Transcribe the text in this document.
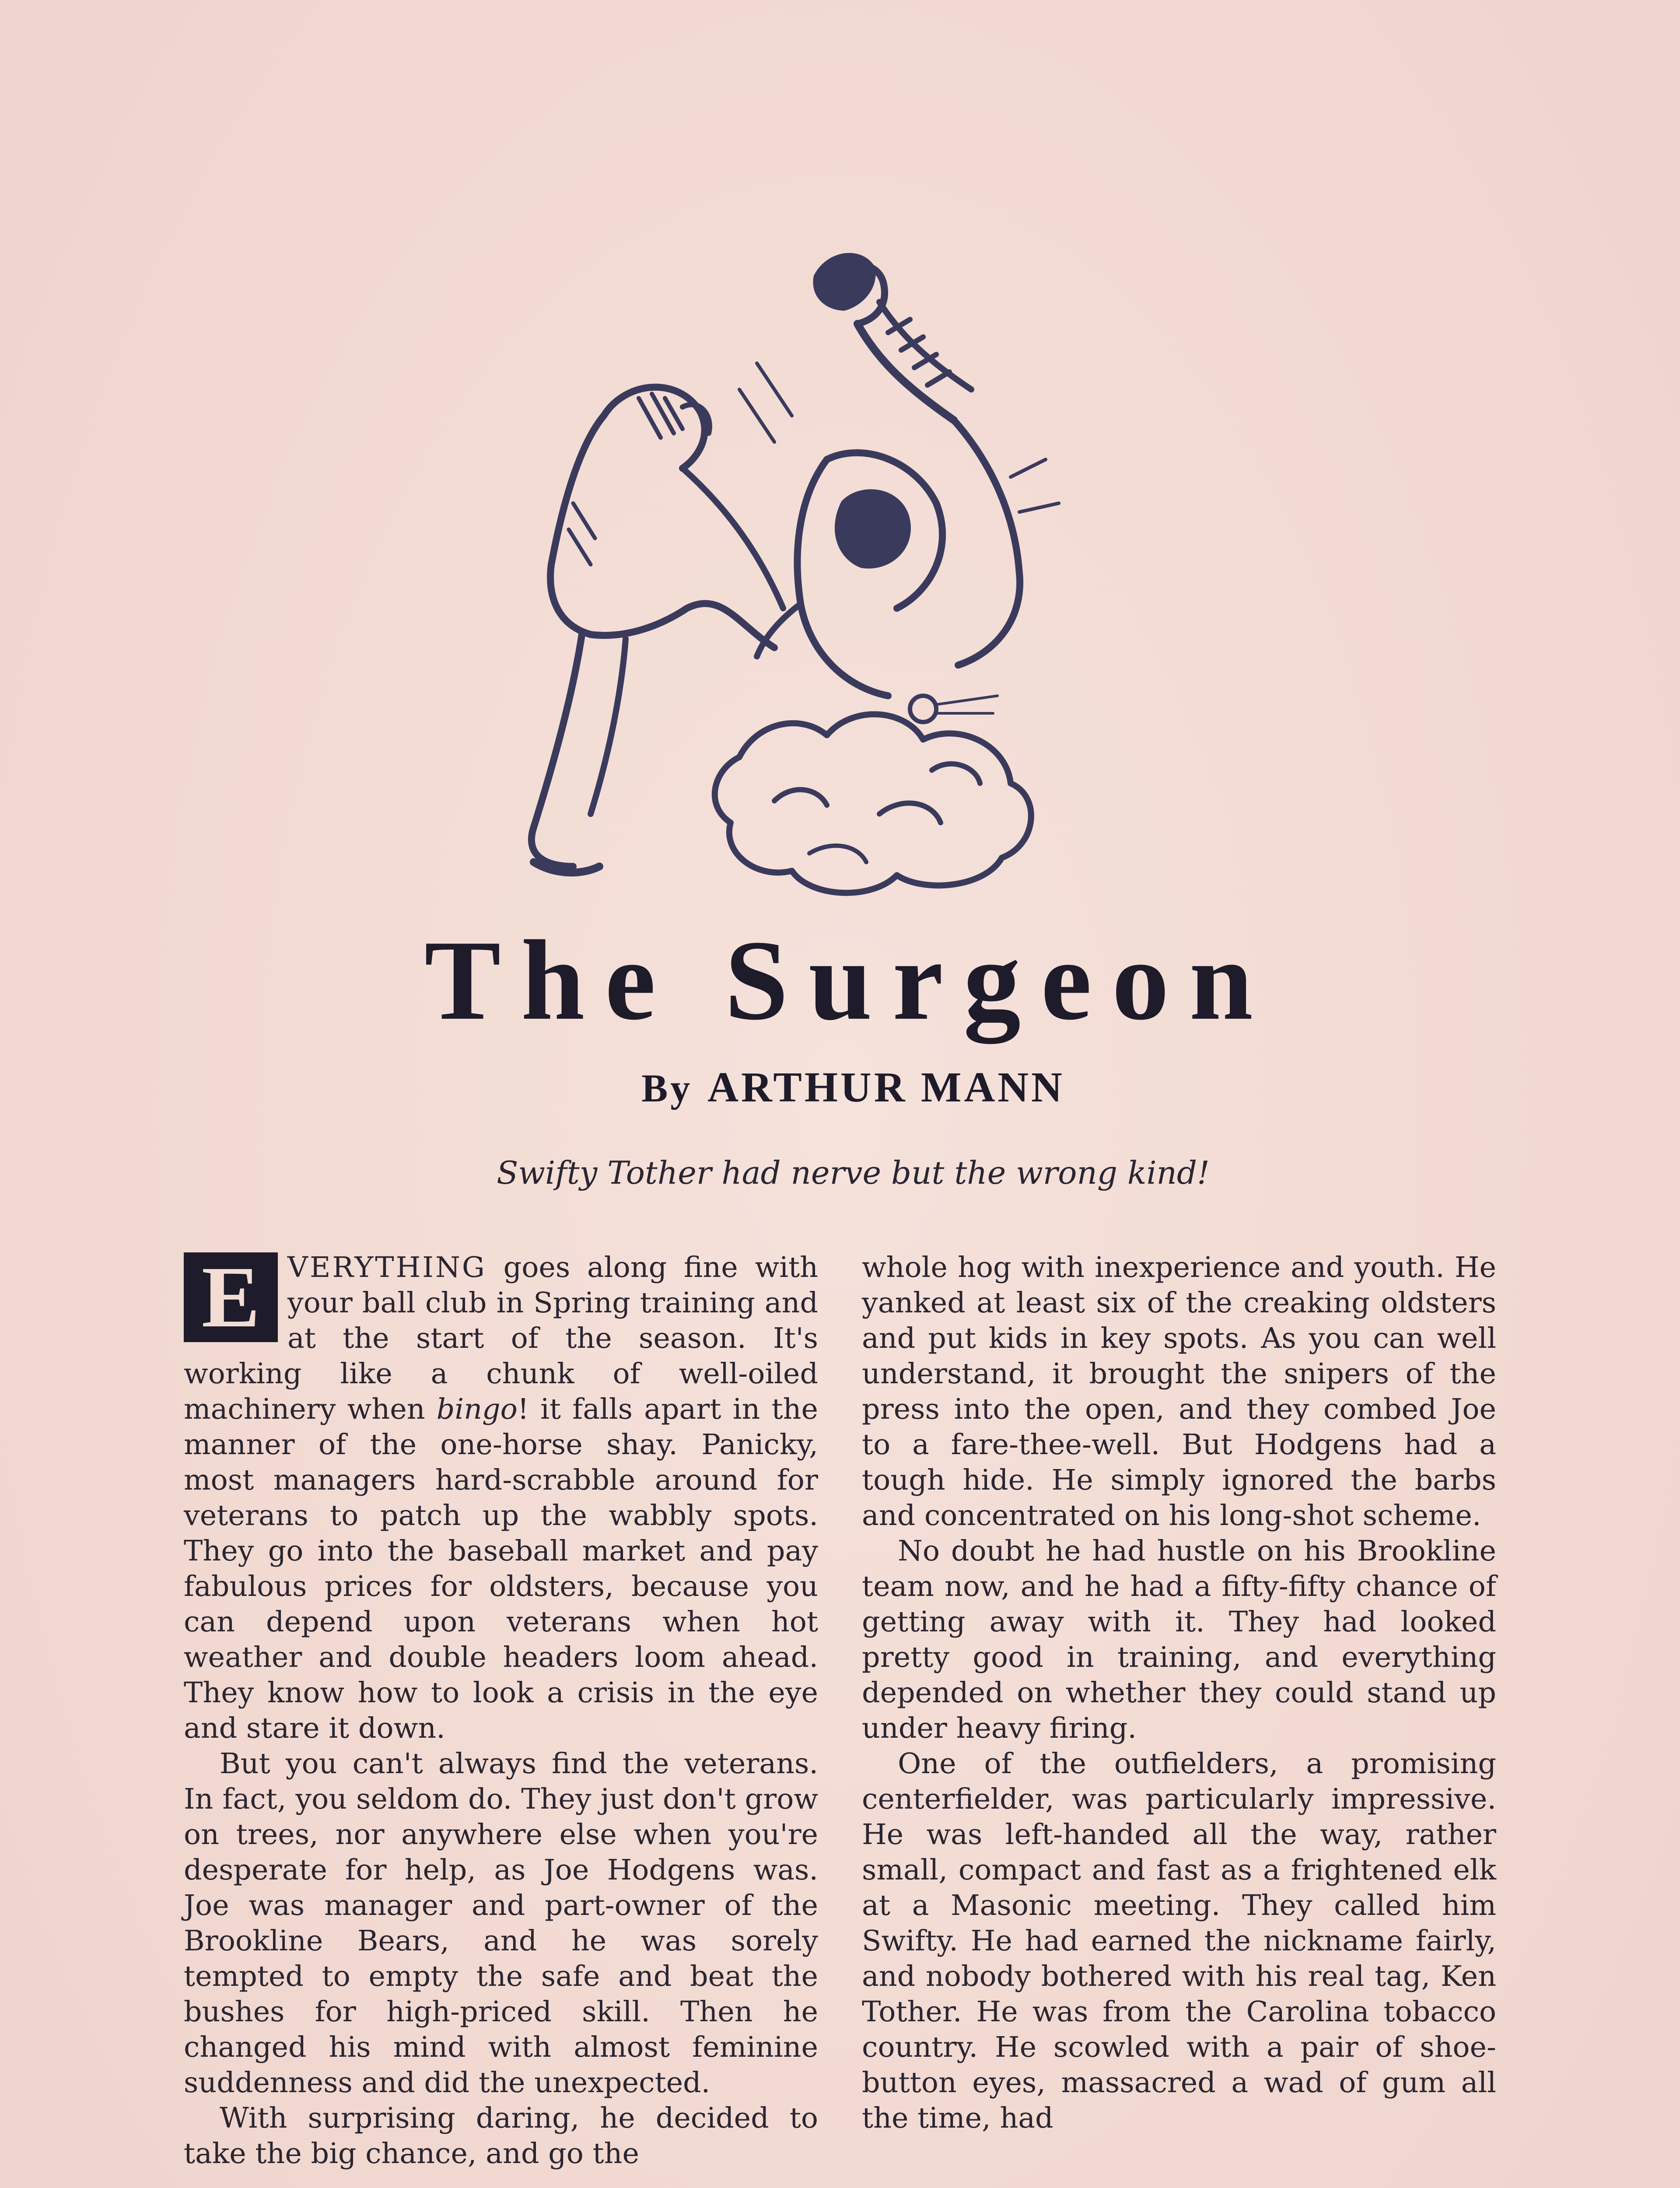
The Surgeon
By ARTHUR MANN
Swifty Tother had nerve but the wrong kind!

E VERYTHING goes along fine with your ball club in Spring training and at the start of the season. It's working like a chunk of well-oiled machinery when bingo! it falls apart in the manner of the one-horse shay. Panicky, most managers hard-scrabble around for veterans to patch up the wabbly spots. They go into the baseball market and pay fabulous prices for oldsters, because you can depend upon veterans when hot weather and double headers loom ahead. They know how to look a crisis in the eye and stare it down.

But you can't always find the veterans. In fact, you seldom do. They just don't grow on trees, nor anywhere else when you're desperate for help, as Joe Hodgens was. Joe was manager and part-owner of the Brookline Bears, and he was sorely tempted to empty the safe and beat the bushes for high-priced skill. Then he changed his mind with almost feminine suddenness and did the unexpected.

With surprising daring, he decided to take the big chance, and go the

whole hog with inexperience and youth. He yanked at least six of the creaking oldsters and put kids in key spots. As you can well understand, it brought the snipers of the press into the open, and they combed Joe to a fare-thee-well. But Hodgens had a tough hide. He simply ignored the barbs and concentrated on his long-shot scheme.

No doubt he had hustle on his Brookline team now, and he had a fifty-fifty chance of getting away with it. They had looked pretty good in training, and everything depended on whether they could stand up under heavy firing.

One of the outfielders, a promising centerfielder, was particularly impressive. He was left-handed all the way, rather small, compact and fast as a frightened elk at a Masonic meeting. They called him Swifty. He had earned the nickname fairly, and nobody bothered with his real tag, Ken Tother. He was from the Carolina tobacco country. He scowled with a pair of shoe-button eyes, massacred a wad of gum all the time, had
